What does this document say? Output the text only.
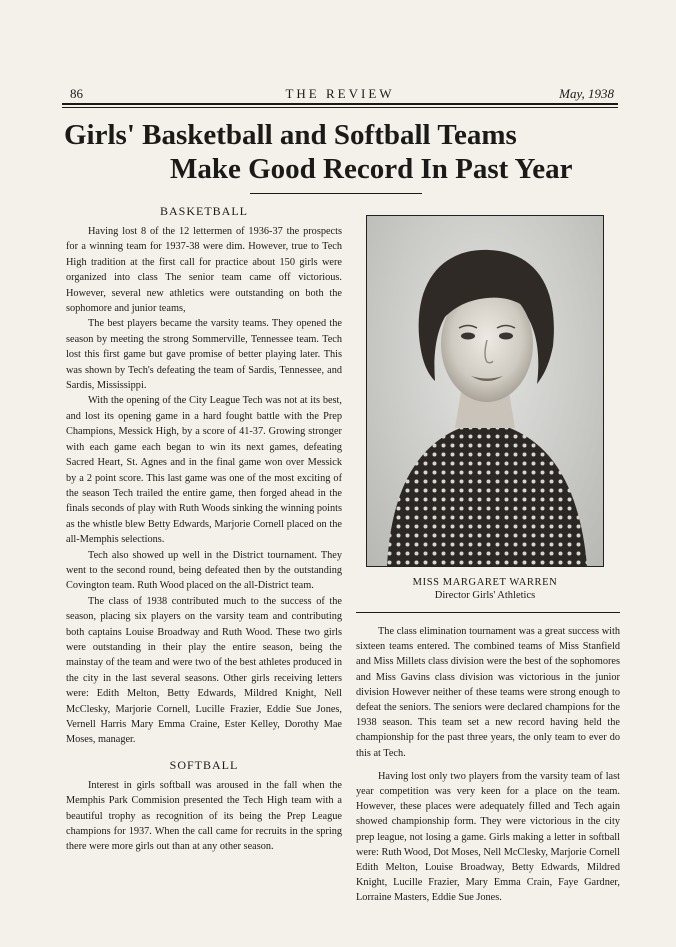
86	THE REVIEW	May, 1938
Girls' Basketball and Softball Teams
Make Good Record In Past Year
BASKETBALL

Having lost 8 of the 12 lettermen of 1936-37 the prospects for a winning team for 1937-38 were dim. However, true to Tech High tradition at the first call for practice about 150 girls were organized into class The senior team came off victorious. However, several new athletics were outstanding on both the sophomore and junior teams,

The best players became the varsity teams. They opened the season by meeting the strong Sommerville, Tennessee team. Tech lost this first game but gave promise of better playing later. This was shown by Tech's defeating the team of Sardis, Tennessee, and Sardis, Mississippi.

With the opening of the City League Tech was not at its best, and lost its opening game in a hard fought battle with the Prep Champions, Messick High, by a score of 41-37. Growing stronger with each game each began to win its next games, defeating Sacred Heart, St. Agnes and in the final game won over Messick by a 2 point score. This last game was one of the most exciting of the season Tech trailed the entire game, then forged ahead in the finals seconds of play with Ruth Woods sinking the winning points as the whistle blew Betty Edwards, Marjorie Cornell placed on the all-Memphis selections.

Tech also showed up well in the District tournament. They went to the second round, being defeated then by the outstanding Covington team. Ruth Wood placed on the all-District team.

The class of 1938 contributed much to the success of the season, placing six players on the varsity team and contributing both captains Louise Broadway and Ruth Wood. These two girls were outstanding in their play the entire season, being the mainstay of the team and were two of the best athletes produced in the city in the last several seasons. Other girls receiving letters were: Edith Melton, Betty Edwards, Mildred Knight, Nell McClesky, Marjorie Cornell, Lucille Frazier, Eddie Sue Jones, Vernell Harris Mary Emma Craine, Ester Kelley, Dorothy Mae Moses, manager.

SOFTBALL

Interest in girls softball was aroused in the fall when the Memphis Park Commision presented the Tech High team with a beautiful trophy as recognition of its being the Prep League champions for 1937. When the call came for recruits in the spring there were more girls out than at any other season.

MISS MARGARET WARREN
Director Girls' Athletics

The class elimination tournament was a great success with sixteen teams entered. The combined teams of Miss Stanfield and Miss Millets class division were the best of the sophomores and Miss Gavins class division was victorious in the junior division However neither of these teams were strong enough to defeat the seniors. The seniors were declared champions for the 1938 season. This team set a new record having held the championship for the past three years, the only team to ever do this at Tech.

Having lost only two players from the varsity team of last year competition was very keen for a place on the team. However, these places were adequately filled and Tech again showed championship form. They were victorious in the city prep league, not losing a game. Girls making a letter in softball were: Ruth Wood, Dot Moses, Nell McClesky, Marjorie Cornell Edith Melton, Louise Broadway, Betty Edwards, Mildred Knight, Lucille Frazier, Mary Emma Crain, Faye Gardner, Lorraine Masters, Eddie Sue Jones.
